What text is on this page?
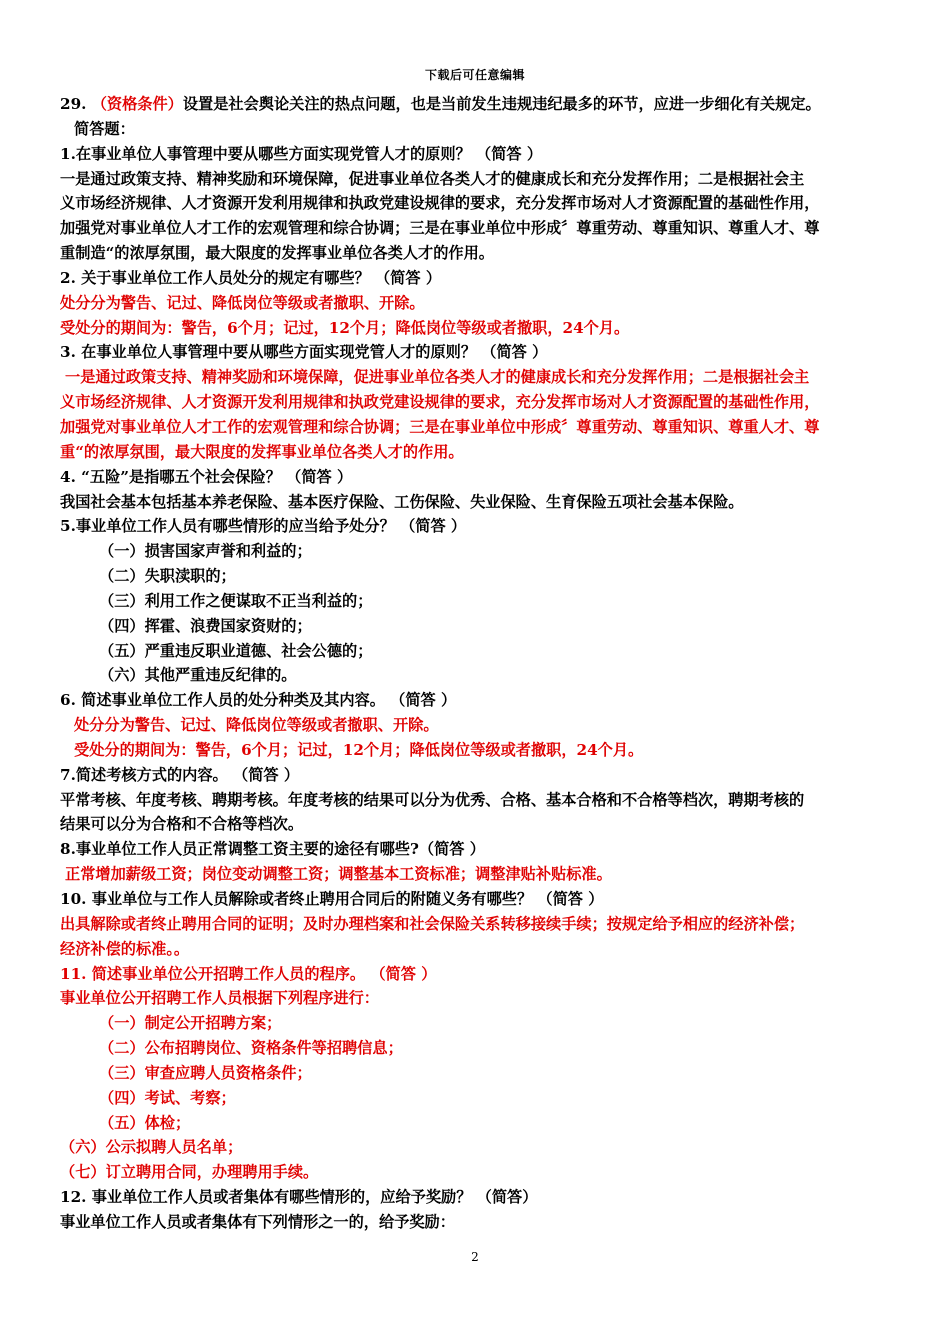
下载后可任意编辑
29. （资格条件）设置是社会舆论关注的热点问题，也是当前发生违规违纪最多的环节，应进一步细化有关规定。
简答题：
1.在事业单位人事管理中要从哪些方面实现党管人才的原则？ （简答 ）
一是通过政策支持、精神奖励和环境保障，促进事业单位各类人才的健康成长和充分发挥作用；二是根据社会主
义市场经济规律、人才资源开发利用规律和执政党建设规律的要求，充分发挥市场对人才资源配置的基础性作用，
加强党对事业单位人才工作的宏观管理和综合协调；三是在事业单位中形成〞尊重劳动、尊重知识、尊重人才、尊
重制造“的浓厚氛围，最大限度的发挥事业单位各类人才的作用。
2. 关于事业单位工作人员处分的规定有哪些？ （简答 ）
处分分为警告、记过、降低岗位等级或者撤职、开除。
受处分的期间为：警告，6个月；记过，12个月；降低岗位等级或者撤职，24个月。
3. 在事业单位人事管理中要从哪些方面实现党管人才的原则？ （简答 ）
一是通过政策支持、精神奖励和环境保障，促进事业单位各类人才的健康成长和充分发挥作用；二是根据社会主
义市场经济规律、人才资源开发利用规律和执政党建设规律的要求，充分发挥市场对人才资源配置的基础性作用，
加强党对事业单位人才工作的宏观管理和综合协调；三是在事业单位中形成〞尊重劳动、尊重知识、尊重人才、尊
重“的浓厚氛围，最大限度的发挥事业单位各类人才的作用。
4. “五险”是指哪五个社会保险？ （简答 ）
我国社会基本包括基本养老保险、基本医疗保险、工伤保险、失业保险、生育保险五项社会基本保险。
5.事业单位工作人员有哪些情形的应当给予处分？ （简答 ）
（一）损害国家声誉和利益的；
（二）失职渎职的；
（三）利用工作之便谋取不正当利益的；
（四）挥霍、浪费国家资财的；
（五）严重违反职业道德、社会公德的；
（六）其他严重违反纪律的。
6. 简述事业单位工作人员的处分种类及其内容。 （简答 ）
处分分为警告、记过、降低岗位等级或者撤职、开除。
受处分的期间为：警告，6个月；记过，12个月；降低岗位等级或者撤职，24个月。
7.简述考核方式的内容。 （简答 ）
平常考核、年度考核、聘期考核。年度考核的结果可以分为优秀、合格、基本合格和不合格等档次，聘期考核的
结果可以分为合格和不合格等档次。
8.事业单位工作人员正常调整工资主要的途径有哪些?（简答 ）
正常增加薪级工资；岗位变动调整工资；调整基本工资标准；调整津贴补贴标准。
10. 事业单位与工作人员解除或者终止聘用合同后的附随义务有哪些？ （简答 ）
出具解除或者终止聘用合同的证明；及时办理档案和社会保险关系转移接续手续；按规定给予相应的经济补偿；
经济补偿的标准。。
11. 简述事业单位公开招聘工作人员的程序。 （简答 ）
事业单位公开招聘工作人员根据下列程序进行：
（一）制定公开招聘方案；
（二）公布招聘岗位、资格条件等招聘信息；
（三）审查应聘人员资格条件；
（四）考试、考察；
（五）体检；
（六）公示拟聘人员名单；
（七）订立聘用合同，办理聘用手续。
12. 事业单位工作人员或者集体有哪些情形的，应给予奖励？ （简答）
事业单位工作人员或者集体有下列情形之一的，给予奖励：
2
